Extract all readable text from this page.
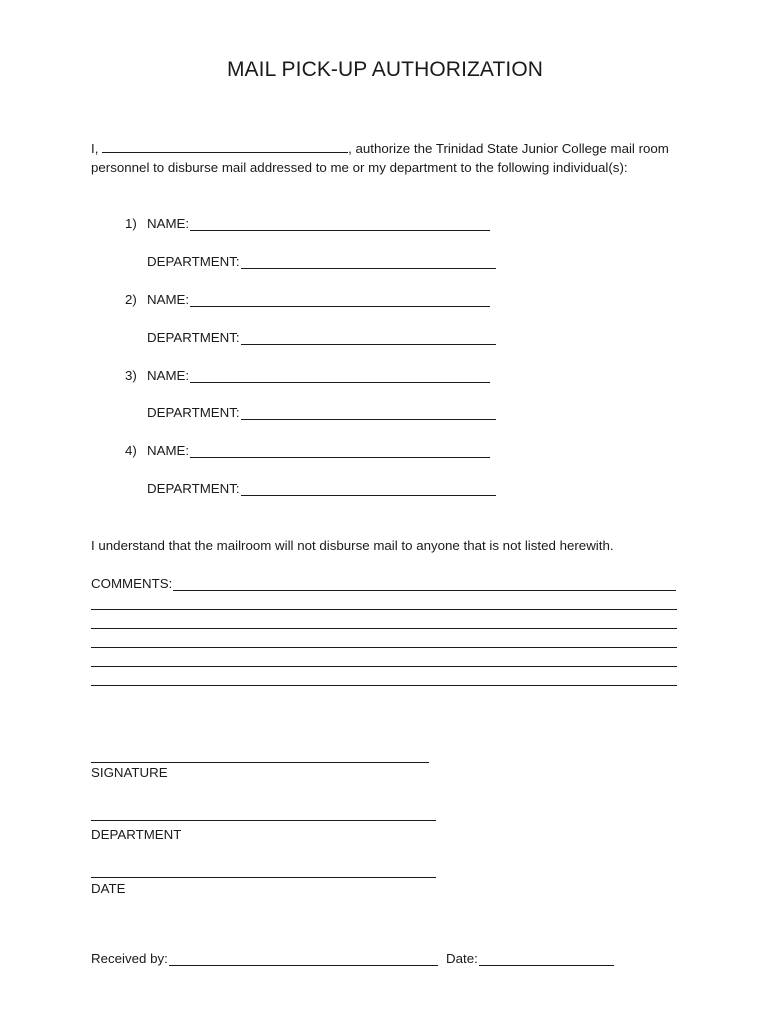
MAIL PICK-UP AUTHORIZATION
I,	, authorize the Trinidad State Junior College mail room personnel to disburse mail addressed to me or my department to the following individual(s):
1) NAME:
DEPARTMENT:
2) NAME:
DEPARTMENT:
3) NAME:
DEPARTMENT:
4) NAME:
DEPARTMENT:
I understand that the mailroom will not disburse mail to anyone that is not listed herewith.
COMMENTS:
SIGNATURE
DEPARTMENT
DATE
Received by:	Date:
